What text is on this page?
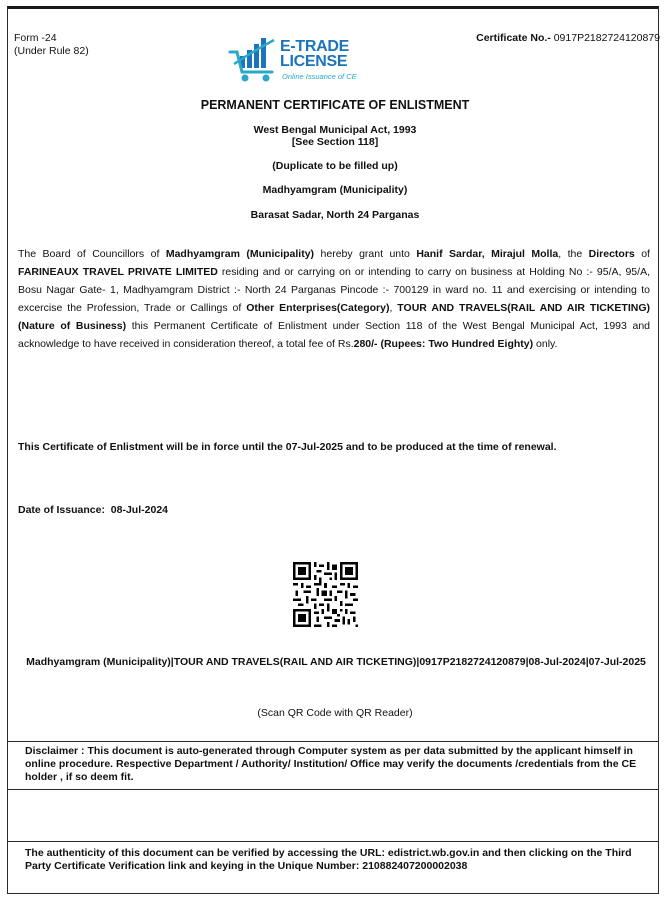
Form -24
(Under Rule 82)
Certificate No.- 0917P2182724120879
E-TRADE
LICENSE
Online Issuance of CE
PERMANENT CERTIFICATE OF ENLISTMENT
West Bengal Municipal Act, 1993
[See Section 118]
(Duplicate to be filled up)
Madhyamgram (Municipality)
Barasat Sadar, North 24 Parganas
The Board of Councillors of Madhyamgram (Municipality) hereby grant unto Hanif Sardar, Mirajul Molla, the Directors of FARINEAUX TRAVEL PRIVATE LIMITED residing and or carrying on or intending to carry on business at Holding No :- 95/A, 95/A, Bosu Nagar Gate- 1, Madhyamgram District :- North 24 Parganas Pincode :- 700129 in ward no. 11 and exercising or intending to excercise the Profession, Trade or Callings of Other Enterprises(Category), TOUR AND TRAVELS(RAIL AND AIR TICKETING)(Nature of Business) this Permanent Certificate of Enlistment under Section 118 of the West Bengal Municipal Act, 1993 and acknowledge to have received in consideration thereof, a total fee of Rs.280/- (Rupees: Two Hundred Eighty) only.
This Certificate of Enlistment will be in force until the 07-Jul-2025 and to be produced at the time of renewal.
Date of Issuance: 08-Jul-2024
Madhyamgram (Municipality)|TOUR AND TRAVELS(RAIL AND AIR TICKETING)|0917P2182724120879|08-Jul-2024|07-Jul-2025
(Scan QR Code with QR Reader)
Disclaimer : This document is auto-generated through Computer system as per data submitted by the applicant himself in online procedure. Respective Department / Authority/ Institution/ Office may verify the documents /credentials from the CE holder , if so deem fit.
The authenticity of this document can be verified by accessing the URL: edistrict.wb.gov.in and then clicking on the Third Party Certificate Verification link and keying in the Unique Number: 210882407200002038
